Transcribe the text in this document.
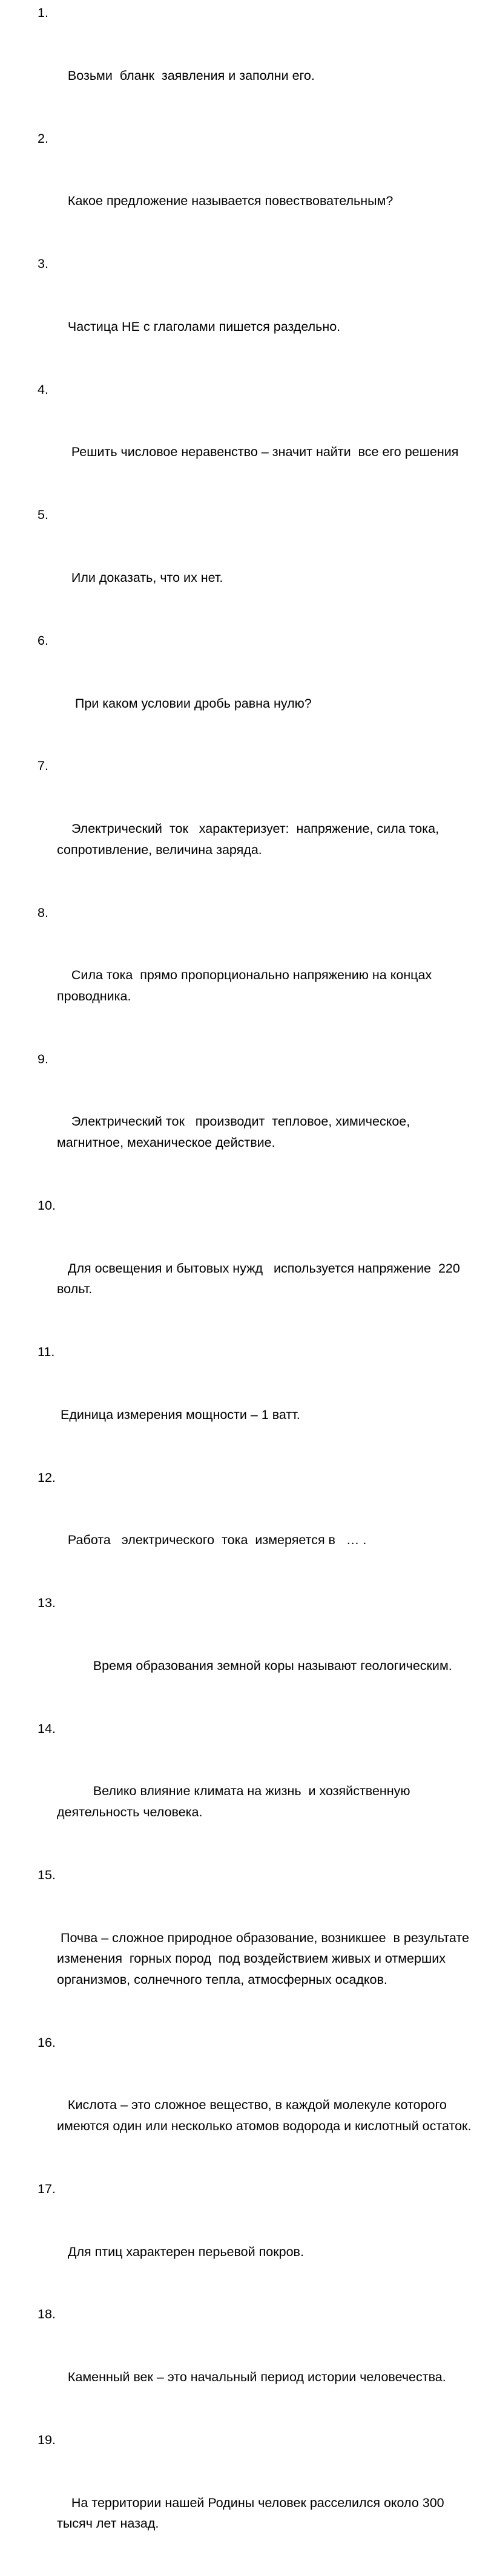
1.

Возьми  бланк  заявления и заполни его.

2.

Какое предложение называется повествовательным?

3.

Частица НЕ с глаголами пишется раздельно.

4.

Решить числовое неравенство – значит найти  все его решения

5.

Или доказать, что их нет.

6.

При каком условии дробь равна нулю?

7.

Электрический  ток   характеризует:  напряжение, сила тока,
сопротивление, величина заряда.

8.

Сила тока  прямо пропорционально напряжению на концах
проводника.

9.

Электрический ток   производит  тепловое, химическое,
магнитное, механическое действие.

10.

Для освещения и бытовых нужд   используется напряжение  220
вольт.

11.

Единица измерения мощности – 1 ватт.

12.

Работа   электрического  тока  измеряется в   … .

13.

Время образования земной коры называют геологическим.

14.

Велико влияние климата на жизнь  и хозяйственную
деятельность человека.

15.

Почва – сложное природное образование, возникшее  в результате
изменения  горных пород  под воздействием живых и отмерших
организмов, солнечного тепла, атмосферных осадков.

16.

Кислота – это сложное вещество, в каждой молекуле которого
имеются один или несколько атомов водорода и кислотный остаток.

17.

Для птиц характерен перьевой покров.

18.

Каменный век – это начальный период истории человечества.

19.

На территории нашей Родины человек расселился около 300
тысяч лет назад.
